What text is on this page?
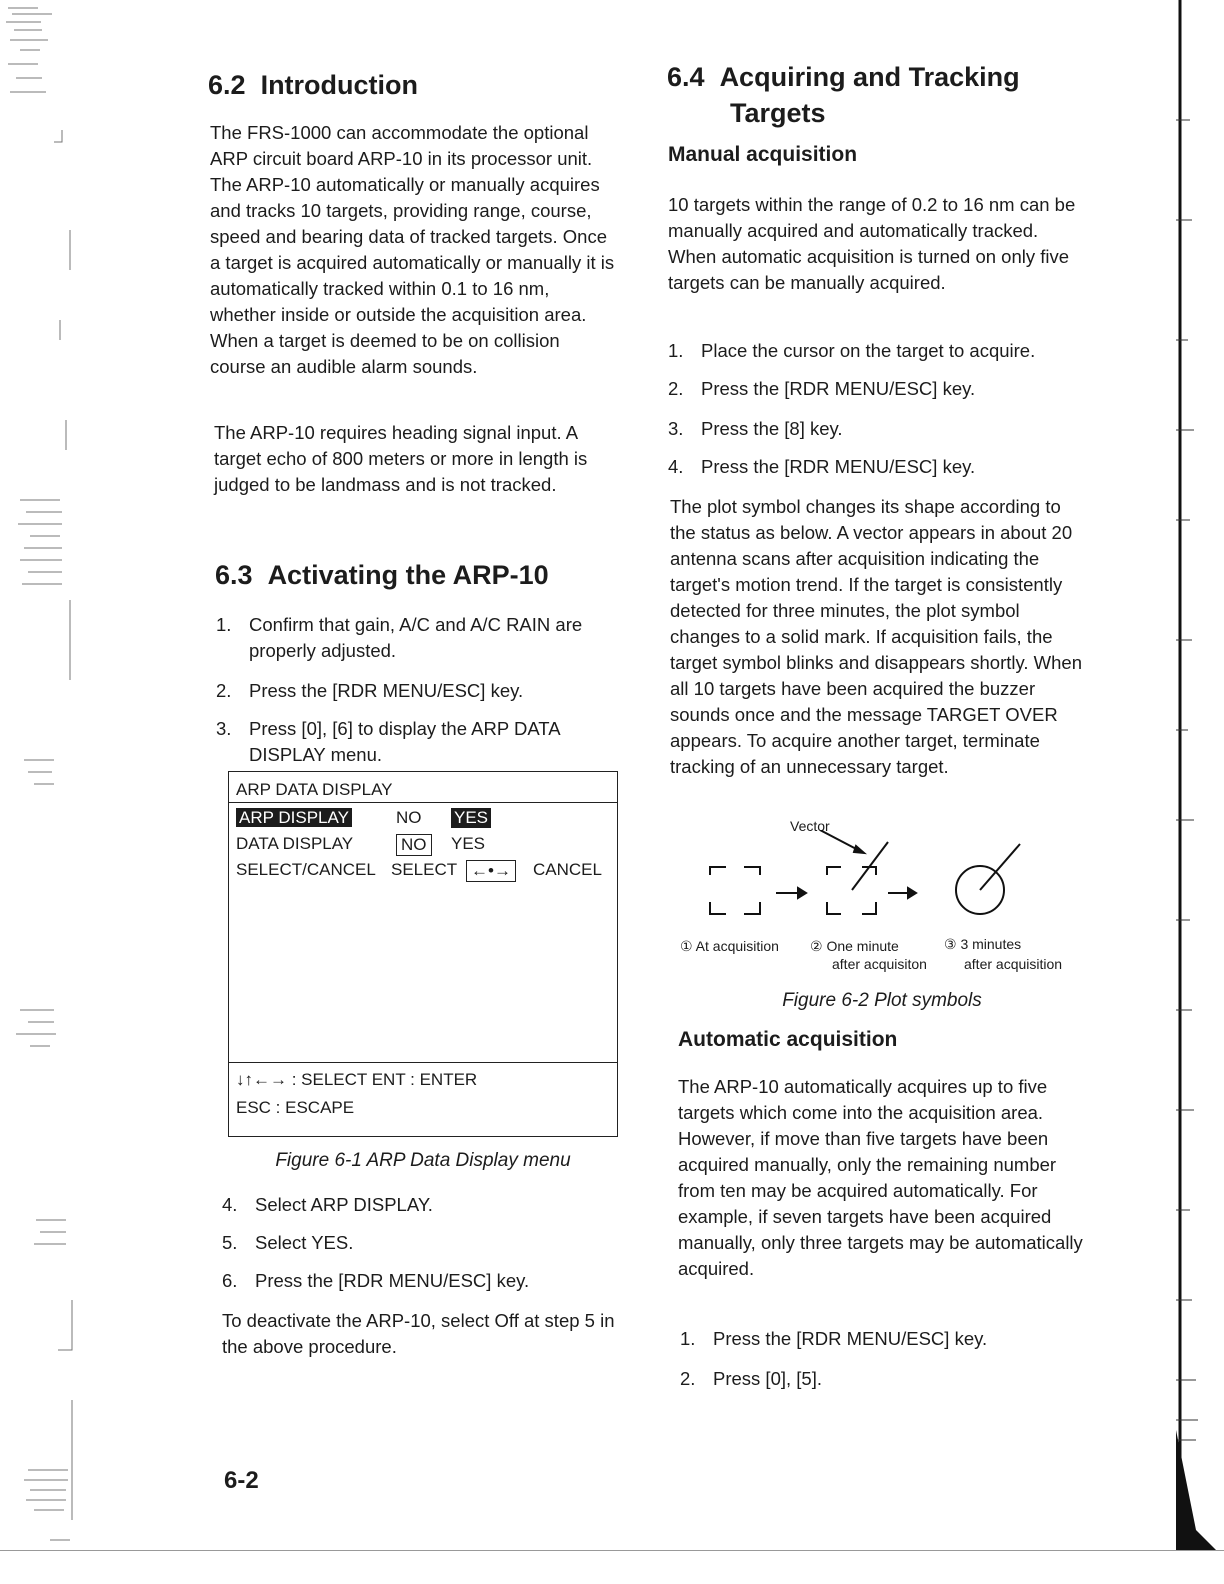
6.2 Introduction

The FRS-1000 can accommodate the optional ARP circuit board ARP-10 in its processor unit. The ARP-10 automatically or manually acquires and tracks 10 targets, providing range, course, speed and bearing data of tracked targets. Once a target is acquired automatically or manually it is automatically tracked within 0.1 to 16 nm, whether inside or outside the acquisition area. When a target is deemed to be on collision course an audible alarm sounds.

The ARP-10 requires heading signal input. A target echo of 800 meters or more in length is judged to be landmass and is not tracked.

6.3 Activating the ARP-10
1. Confirm that gain, A/C and A/C RAIN are properly adjusted.
2. Press the [RDR MENU/ESC] key.
3. Press [0], [6] to display the ARP DATA DISPLAY menu.
ARP DATA DISPLAY
ARP DISPLAY	NO YES
DATA DISPLAY	NO YES
SELECT/CANCEL SELECT ←•→ CANCEL
↓↑←→ : SELECT ENT : ENTER
ESC : ESCAPE
Figure 6-1 ARP Data Display menu
4. Select ARP DISPLAY.
5. Select YES.
6. Press the [RDR MENU/ESC] key.

To deactivate the ARP-10, select Off at step 5 in the above procedure.

6-2
6.4 Acquiring and Tracking
Targets
Manual acquisition

10 targets within the range of 0.2 to 16 nm can be manually acquired and automatically tracked. When automatic acquisition is turned on only five targets can be manually acquired.

1. Place the cursor on the target to acquire.
2. Press the [RDR MENU/ESC] key.
3. Press the [8] key.
4. Press the [RDR MENU/ESC] key.

The plot symbol changes its shape according to the status as below. A vector appears in about 20 antenna scans after acquisition indicating the target's motion trend. If the target is consistently detected for three minutes, the plot symbol changes to a solid mark. If acquisition fails, the target symbol blinks and disappears shortly. When all 10 targets have been acquired the buzzer sounds once and the message TARGET OVER appears. To acquire another target, terminate tracking of an unnecessary target.

Vector
① At acquisition ② One minute
after acquisiton
③ 3 minutes
after acquisition
Figure 6-2 Plot symbols
Automatic acquisition

The ARP-10 automatically acquires up to five targets which come into the acquisition area. However, if move than five targets have been acquired manually, only the remaining number from ten may be acquired automatically. For example, if seven targets have been acquired manually, only three targets may be automatically acquired.

1. Press the [RDR MENU/ESC] key.
2. Press [0], [5].
